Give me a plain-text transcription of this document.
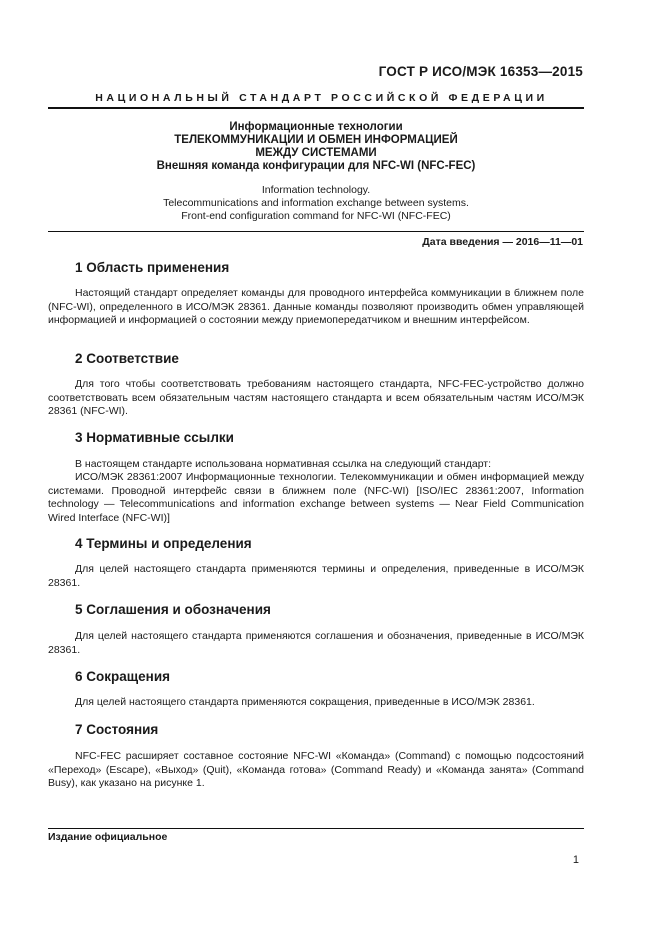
ГОСТ Р ИСО/МЭК 16353—2015
НАЦИОНАЛЬНЫЙ СТАНДАРТ РОССИЙСКОЙ ФЕДЕРАЦИИ
Информационные технологии
ТЕЛЕКОММУНИКАЦИИ И ОБМЕН ИНФОРМАЦИЕЙ
МЕЖДУ СИСТЕМАМИ
Внешняя команда конфигурации для NFC-WI (NFC-FEC)
Information technology.
Telecommunications and information exchange between systems.
Front-end configuration command for NFC-WI (NFC-FEC)
Дата введения — 2016—11—01
1 Область применения

Настоящий стандарт определяет команды для проводного интерфейса коммуникации в ближнем поле (NFC-WI), определенного в ИСО/МЭК 28361. Данные команды позволяют производить обмен управляющей информацией и информацией о состоянии между приемопередатчиком и внешним интерфейсом.

2 Соответствие

Для того чтобы соответствовать требованиям настоящего стандарта, NFC-FEC-устройство должно соответствовать всем обязательным частям настоящего стандарта и всем обязательным частям ИСО/МЭК 28361 (NFC-WI).

3 Нормативные ссылки

В настоящем стандарте использована нормативная ссылка на следующий стандарт:

ИСО/МЭК 28361:2007 Информационные технологии. Телекоммуникации и обмен информацией между системами. Проводной интерфейс связи в ближнем поле (NFC-WI) [ISO/IEC 28361:2007, Information technology — Telecommunications and information exchange between systems — Near Field Communication Wired Interface (NFC-WI)]

4 Термины и определения

Для целей настоящего стандарта применяются термины и определения, приведенные в ИСО/МЭК 28361.

5 Соглашения и обозначения

Для целей настоящего стандарта применяются соглашения и обозначения, приведенные в ИСО/МЭК 28361.

6 Сокращения

Для целей настоящего стандарта применяются сокращения, приведенные в ИСО/МЭК 28361.

7 Состояния

NFC-FEC расширяет составное состояние NFC-WI «Команда» (Command) с помощью подсостояний «Переход» (Escape), «Выход» (Quit), «Команда готова» (Command Ready) и «Команда занята» (Command Busy), как указано на рисунке 1.

Издание официальное
1
